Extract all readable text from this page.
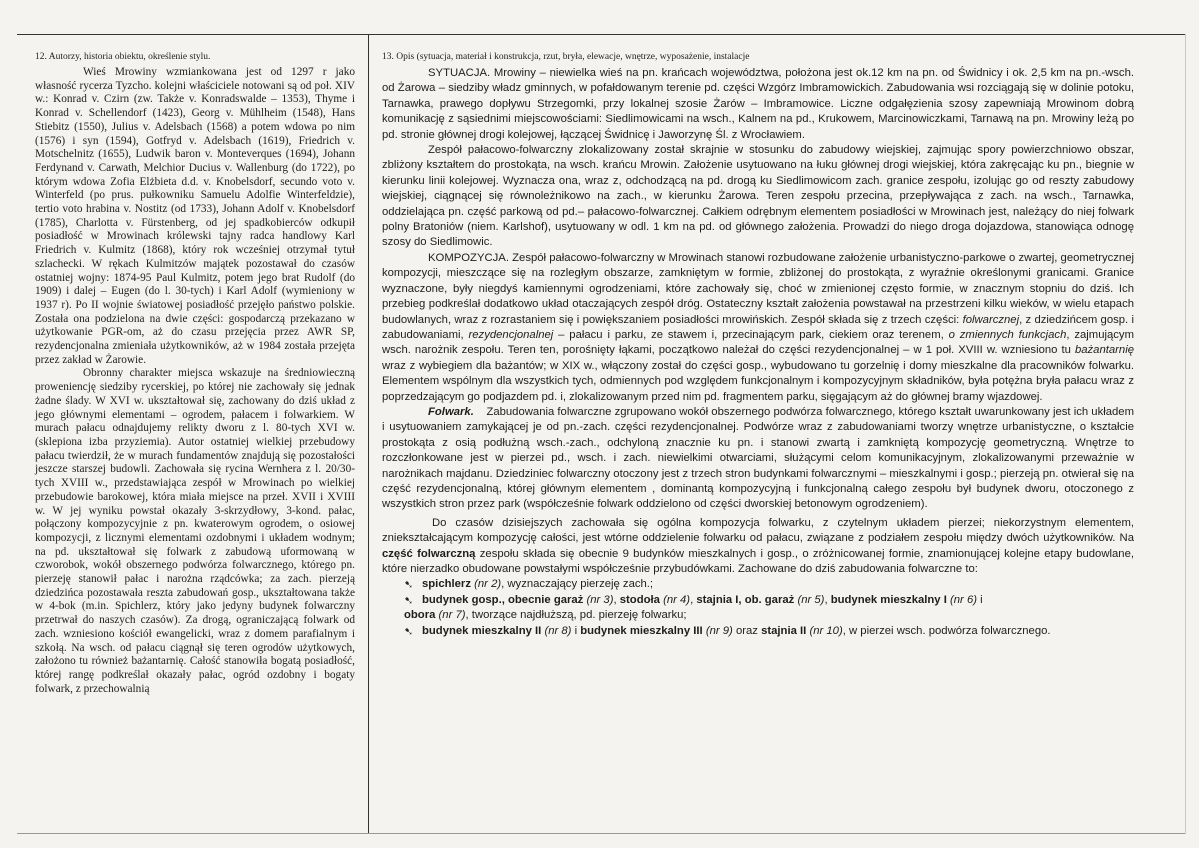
12. Autorzy, historia obiektu, określenie stylu.

Wieś Mrowiny wzmiankowana jest od 1297 r jako własność rycerza Tyzcho. kolejni właściciele notowani są od poł. XIV w.: Konrad v. Czirn (zw. Także v. Konradswalde – 1353), Thyme i Konrad v. Schellendorf (1423), Georg v. Mühlheim (1548), Hans Stiebitz (1550), Julius v. Adelsbach (1568) a potem wdowa po nim (1576) i syn (1594), Gotfryd v. Adelsbach (1619), Friedrich v. Motschelnitz (1655), Ludwik baron v. Monteverques (1694), Johann Ferdynand v. Carwath, Melchior Ducius v. Wallenburg (do 1722), po którym wdowa Zofia Elżbieta d.d. v. Knobelsdorf, secundo voto v. Winterfeld (po prus. pułkowniku Samuelu Adolfie Winterfeldzie), tertio voto hrabina v. Nostitz (od 1733), Johann Adolf v. Knobelsdorf (1785), Charlotta v. Fürstenberg, od jej spadkobierców odkupił posiadłość w Mrowinach królewski tajny radca handlowy Karl Friedrich v. Kulmitz (1868), który rok wcześniej otrzymał tytuł szlachecki. W rękach Kulmitzów majątek pozostawał do czasów ostatniej wojny: 1874-95 Paul Kulmitz, potem jego brat Rudolf (do 1909) i dalej – Eugen (do l. 30-tych) i Karl Adolf (wymieniony w 1937 r). Po II wojnie światowej posiadłość przejęło państwo polskie. Została ona podzielona na dwie części: gospodarczą przekazano w użytkowanie PGR-om, aż do czasu przejęcia przez AWR SP, rezydencjonalna zmieniała użytkowników, aż w 1984 została przejęta przez zakład w Żarowie.

Obronny charakter miejsca wskazuje na średniowieczną proweniencję siedziby rycerskiej, po której nie zachowały się jednak żadne ślady. W XVI w. ukształtował się, zachowany do dziś układ z jego głównymi elementami – ogrodem, pałacem i folwarkiem. W murach pałacu odnajdujemy relikty dworu z l. 80-tych XVI w. (sklepiona izba przyziemia). Autor ostatniej wielkiej przebudowy pałacu twierdził, że w murach fundamentów znajdują się pozostałości jeszcze starszej budowli. Zachowała się rycina Wernhera z l. 20/30-tych XVIII w., przedstawiająca zespół w Mrowinach po wielkiej przebudowie barokowej, która miała miejsce na przeł. XVII i XVIII w. W jej wyniku powstał okazały 3-skrzydłowy, 3-kond. pałac, połączony kompozycyjnie z pn. kwaterowym ogrodem, o osiowej kompozycji, z licznymi elementami ozdobnymi i układem wodnym; na pd. ukształtował się folwark z zabudową uformowaną w czworobok, wokół obszernego podwórza folwarcznego, którego pn. pierzeję stanowił pałac i narożna rządcówka; za zach. pierzeją dziedzińca pozostawała reszta zabudowań gosp., ukształtowana także w 4-bok (m.in. Spichlerz, który jako jedyny budynek folwarczny przetrwał do naszych czasów). Za drogą, ograniczającą folwark od zach. wzniesiono kościół ewangelicki, wraz z domem parafialnym i szkołą. Na wsch. od pałacu ciągnął się teren ogrodów użytkowych, założono tu również bażantarnię. Całość stanowiła bogatą posiadłość, której rangę podkreślał okazały pałac, ogród ozdobny i bogaty folwark, z przechowalnią

13. Opis (sytuacja, materiał i konstrukcja, rzut, bryła, elewacje, wnętrze, wyposażenie, instalacje

SYTUACJA. Mrowiny – niewielka wieś na pn. krańcach województwa, położona jest ok.12 km na pn. od Świdnicy i ok. 2,5 km na pn.-wsch. od Żarowa – siedziby władz gminnych, w pofałdowanym terenie pd. części Wzgórz Imbramowickich. Zabudowania wsi rozciągają się w dolinie potoku, Tarnawka, prawego dopływu Strzegomki, przy lokalnej szosie Żarów – Imbramowice. Liczne odgałęzienia szosy zapewniają Mrowinom dobrą komunikację z sąsiednimi miejscowościami: Siedlimowicami na wsch., Kalnem na pd., Krukowem, Marcinowiczkami, Tarnawą na pn. Mrowiny leżą po pd. stronie głównej drogi kolejowej, łączącej Świdnicę i Jaworzynę Śl. z Wrocławiem.

Zespół pałacowo-folwarczny zlokalizowany został skrajnie w stosunku do zabudowy wiejskiej, zajmując spory powierzchniowo obszar, zbliżony kształtem do prostokąta, na wsch. krańcu Mrowin. Założenie usytuowano na łuku głównej drogi wiejskiej, która zakręcając ku pn., biegnie w kierunku linii kolejowej. Wyznacza ona, wraz z, odchodzącą na pd. drogą ku Siedlimowicom zach. granice zespołu, izolując go od reszty zabudowy wiejskiej, ciągnącej się równoleżnikowo na zach., w kierunku Żarowa. Teren zespołu przecina, przepływająca z zach. na wsch., Tarnawka, oddzielająca pn. część parkową od pd.– pałacowo-folwarcznej. Całkiem odrębnym elementem posiadłości w Mrowinach jest, należący do niej folwark polny Bratoniów (niem. Karlshof), usytuowany w odl. 1 km na pd. od głównego założenia. Prowadzi do niego droga dojazdowa, stanowiąca odnogę szosy do Siedlimowic.

KOMPOZYCJA. Zespół pałacowo-folwarczny w Mrowinach stanowi rozbudowane założenie urbanistyczno-parkowe o zwartej, geometrycznej kompozycji, mieszczące się na rozległym obszarze, zamkniętym w formie, zbliżonej do prostokąta, z wyraźnie określonymi granicami. Granice wyznaczone, były niegdyś kamiennymi ogrodzeniami, które zachowały się, choć w zmienionej często formie, w znacznym stopniu do dziś. Ich przebieg podkreślał dodatkowo układ otaczających zespół dróg. Ostateczny kształt założenia powstawał na przestrzeni kilku wieków, w wielu etapach budowlanych, wraz z rozrastaniem się i powiększaniem posiadłości mrowińskich. Zespół składa się z trzech części: folwarcznej, z dziedzińcem gosp. i zabudowaniami, rezydencjonalnej – pałacu i parku, ze stawem i, przecinającym park, ciekiem oraz terenem, o zmiennych funkcjach, zajmującym wsch. narożnik zespołu. Teren ten, porośnięty łąkami, początkowo należał do części rezydencjonalnej – w 1 poł. XVIII w. wzniesiono tu bażantarnię wraz z wybiegiem dla bażantów; w XIX w., włączony został do części gosp., wybudowano tu gorzelnię i domy mieszkalne dla pracowników folwarku. Elementem wspólnym dla wszystkich tych, odmiennych pod względem funkcjonalnym i kompozycyjnym składników, była potężna bryła pałacu wraz z poprzedzającym go podjazdem pd. i, zlokalizowanym przed nim pd. fragmentem parku, sięgającym aż do głównej bramy wjazdowej.

Folwark. Zabudowania folwarczne zgrupowano wokół obszernego podwórza folwarcznego, którego kształt uwarunkowany jest ich układem i usytuowaniem zamykającej je od pn.-zach. części rezydencjonalnej. Podwórze wraz z zabudowaniami tworzy wnętrze urbanistyczne, o kształcie prostokąta z osią podłużną wsch.-zach., odchyloną znacznie ku pn. i stanowi zwartą i zamkniętą kompozycję geometryczną. Wnętrze to rozczłonkowane jest w pierzei pd., wsch. i zach. niewielkimi otwarciami, służącymi celom komunikacyjnym, zlokalizowanymi przeważnie w narożnikach majdanu. Dziedziniec folwarczny otoczony jest z trzech stron budynkami folwarcznymi – mieszkalnymi i gosp.; pierzeją pn. otwierał się na część rezydencjonalną, której głównym elementem , dominantą kompozycyjną i funkcjonalną całego zespołu był budynek dworu, otoczonego z wszystkich stron przez park (współcześnie folwark oddzielono od części dworskiej betonowym ogrodzeniem).

Do czasów dzisiejszych zachowała się ogólna kompozycja folwarku, z czytelnym układem pierzei; niekorzystnym elementem, zniekształcającym kompozycję całości, jest wtórne oddzielenie folwarku od pałacu, związane z podziałem zespołu między dwóch użytkowników. Na część folwarczną zespołu składa się obecnie 9 budynków mieszkalnych i gosp., o zróżnicowanej formie, znamionującej kolejne etapy budowlane, które nierzadko obudowane powstałymi współcześnie przybudówkami. Zachowane do dziś zabudowania folwarczne to:

➷ spichlerz (nr 2), wyznaczający pierzeję zach.;
➷ budynek gosp., obecnie garaż (nr 3), stodoła (nr 4), stajnia I, ob. garaż (nr 5), budynek mieszkalny I (nr 6) i
obora (nr 7), tworzące najdłuższą, pd. pierzeję folwarku;
➷ budynek mieszkalny II (nr 8) i budynek mieszkalny III (nr 9) oraz stajnia II (nr 10), w pierzei wsch. podwórza folwarcznego.
